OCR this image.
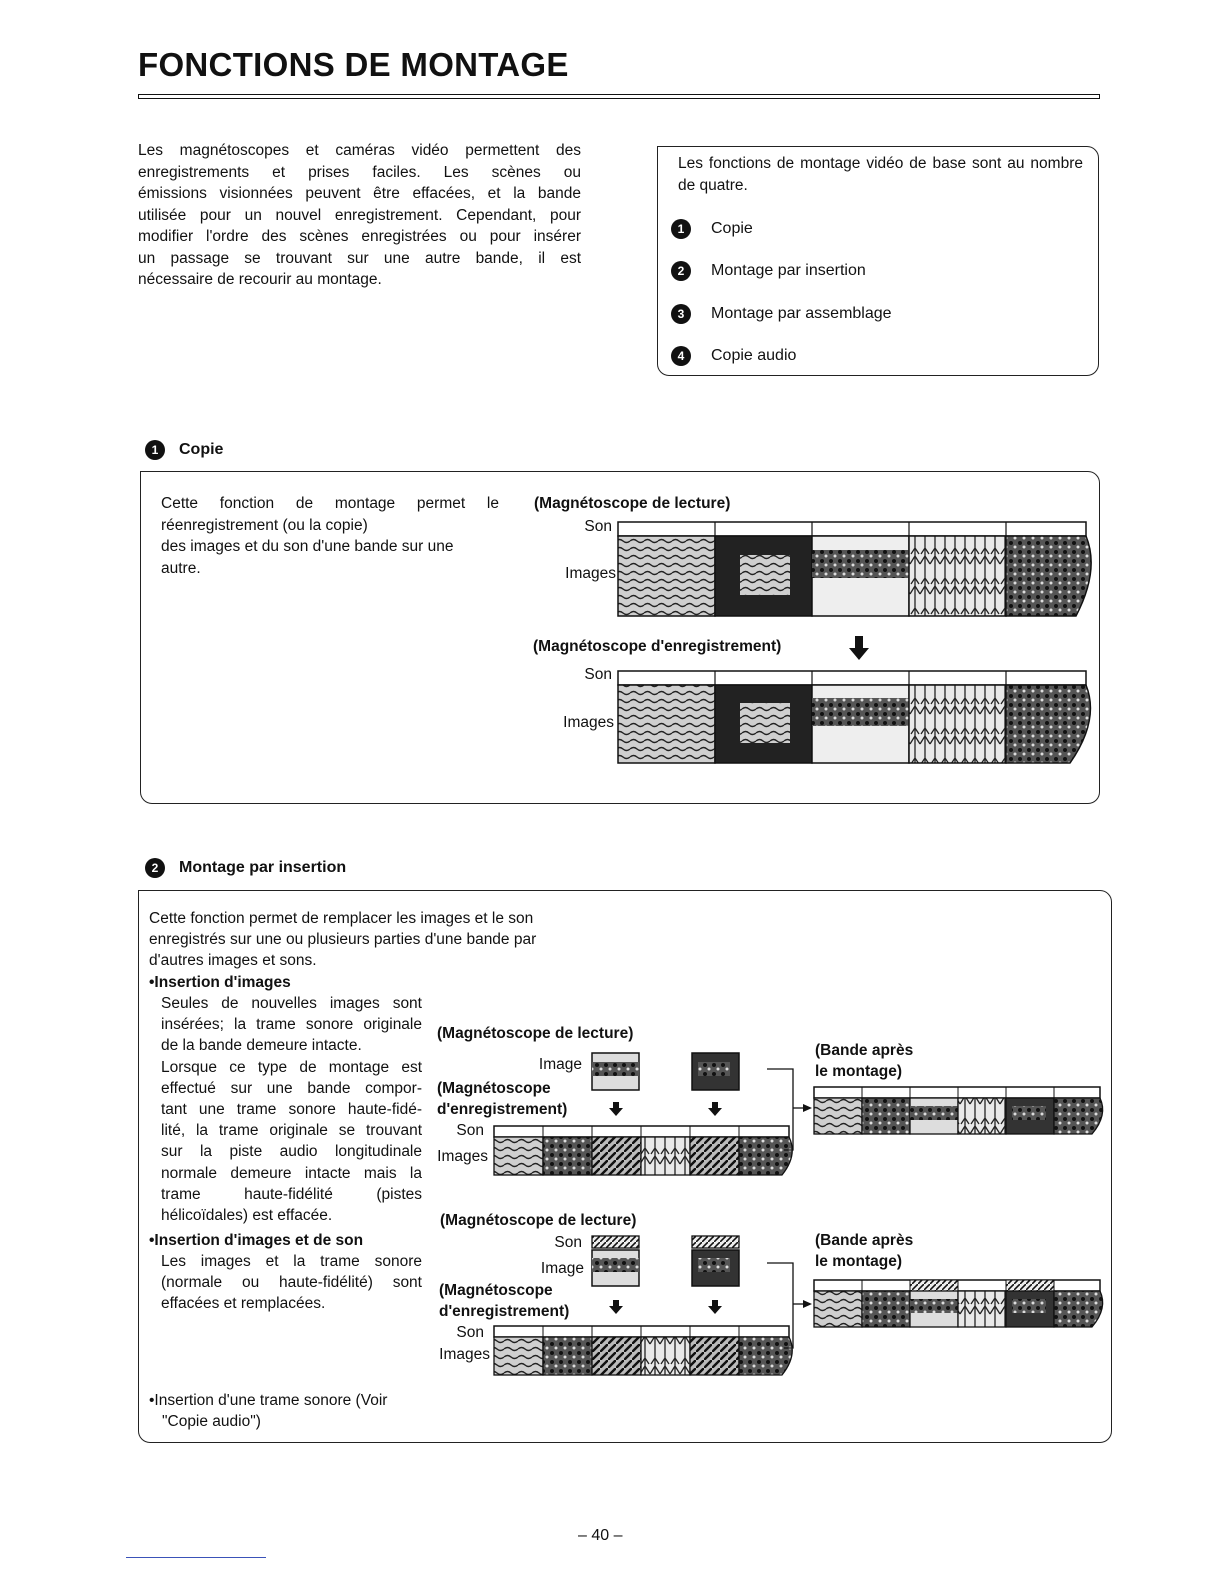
FONCTIONS DE MONTAGE
Les magnétoscopes et caméras vidéo permettent des
enregistrements et prises faciles. Les scènes ou
émissions visionnées peuvent être effacées, et la bande
utilisée pour un nouvel enregistrement. Cependant, pour
modifier l'ordre des scènes enregistrées ou pour insérer
un passage se trouvant sur une autre bande, il est
nécessaire de recourir au montage.

Les fonctions de montage vidéo de base sont au nombre de quatre.

1	Copie
2	Montage par insertion
3	Montage par assemblage
4	Copie audio
1	Copie
Cette fonction de montage permet le
réenregistrement (ou la copie)
des images et du son d'une bande sur une
autre.
(Magnétoscope de lecture)
Son
Images
(Magnétoscope d'enregistrement)
Son
Images
2	Montage par insertion
Cette fonction permet de remplacer les images et le son
enregistrés sur une ou plusieurs parties d'une bande par
d'autres images et sons.
•Insertion d'images
Seules de nouvelles images sont
insérées; la trame sonore originale
de la bande demeure intacte.
Lorsque ce type de montage est
effectué sur une bande compor-
tant une trame sonore haute-fidé-
lité, la trame originale se trouvant
sur la piste audio longitudinale
normale demeure intacte mais la
trame haute-fidélité (pistes
hélicoïdales) est effacée.
•Insertion d'images et de son
Les images et la trame sonore
(normale ou haute-fidélité) sont
effacées et remplacées.
•Insertion d'une trame sonore (Voir
"Copie audio")
(Magnétoscope de lecture)
Image
(Magnétoscope
d'enregistrement)
Son
Images
(Bande après
le montage)
(Magnétoscope de lecture)
Son
Image
(Magnétoscope
d'enregistrement)
Son
Images
(Bande après
le montage)
– 40 –
